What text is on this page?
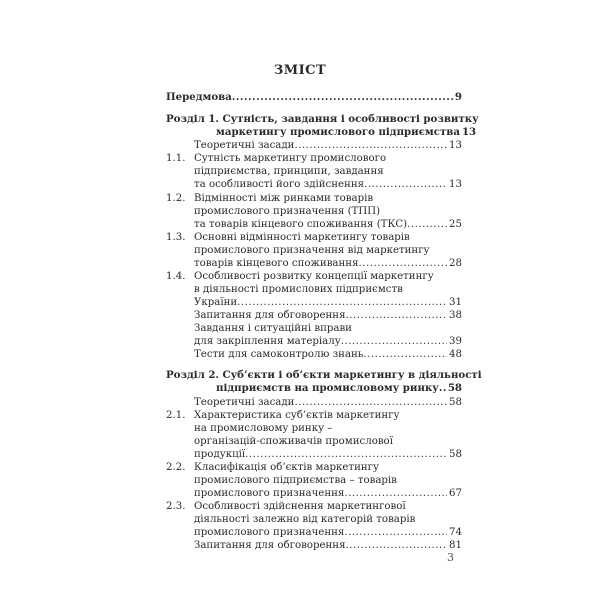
ЗМІСТ
Передмова .....	9
Розділ 1. Сутність, завдання і особливості розвитку
маркетингу промислового підприємства 13
Теоретичні засади .....	13
1.1. Сутність маркетингу промислового
підприємства, принципи, завдання
та особливості його здійснення .....	13
1.2. Відмінності між ринками товарів
промислового призначення (ТПП)
та товарів кінцевого споживання (ТКС) .....	25
1.3. Основні відмінності маркетингу товарів
промислового призначення від маркетингу
товарів кінцевого споживання .....	28
1.4. Особливості розвитку концепції маркетингу
в діяльності промислових підприємств
України .....	31
Запитання для обговорення .....	38
Завдання і ситуаційні вправи
для закріплення матеріалу .....	39
Тести для самоконтролю знань .....	48
Розділ 2. Суб’єкти і об’єкти маркетингу в діяльності
підприємств на промисловому ринку ..... 58
Теоретичні засади .....	58
2.1. Характеристика суб’єктів маркетингу
на промисловому ринку –
організацій-споживачів промислової
продукції .....	58
2.2. Класифікація об’єктів маркетингу
промислового підприємства – товарів
промислового призначення .....	67
2.3. Особливості здійснення маркетингової
діяльності залежно від категорій товарів
промислового призначення .....	74
Запитання для обговорення .....	81
3
